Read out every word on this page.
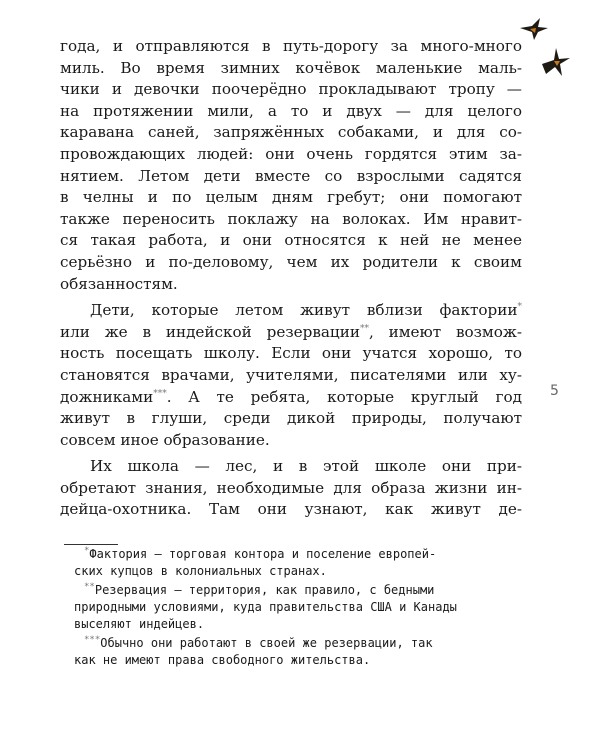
года, и отправляются в путь-дорогу за много-много
миль. Во время зимних кочёвок маленькие маль-
чики и девочки поочерёдно прокладывают тропу —
на протяжении мили, а то и двух — для целого
каравана саней, запряжённых собаками, и для со-
провождающих людей: они очень гордятся этим за-
нятием. Летом дети вместе со взрослыми садятся
в челны и по целым дням гребут; они помогают
также переносить поклажу на волоках. Им нравит-
ся такая работа, и они относятся к ней не менее
серьёзно и по-деловому, чем их родители к своим
обязанностям.
Дети, которые летом живут вблизи фактории*
или же в индейской резервации**, имеют возмож-
ность посещать школу. Если они учатся хорошо, то
становятся врачами, учителями, писателями или ху-
дожниками***. А те ребята, которые круглый год
живут в глуши, среди дикой природы, получают
совсем иное образование.
Их школа — лес, и в этой школе они при-
обретают знания, необходимые для образа жизни ин-
дейца-охотника. Там они узнают, как живут де-
5
*Фактория — торговая контора и поселение европей-
ских купцов в колониальных странах.
**Резервация — территория, как правило, с бедными
природными условиями, куда правительства США и Канады
выселяют индейцев.
***Обычно они работают в своей же резервации, так
как не имеют права свободного жительства.
